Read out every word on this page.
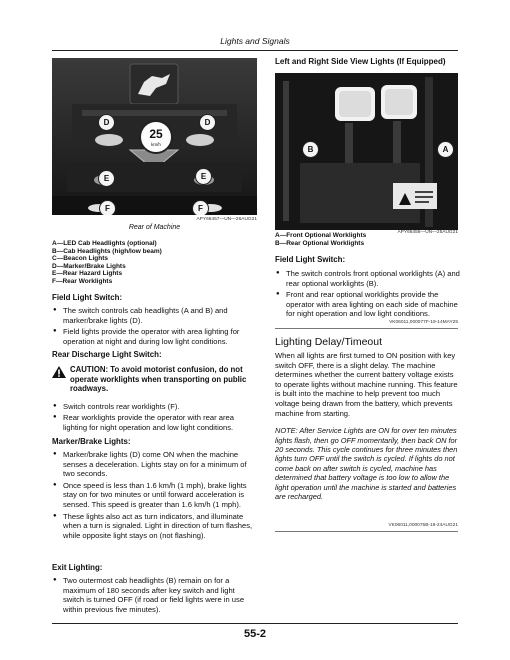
Lights and Signals
25
km/h
D	D
E	E
F	F
APY66457—UN—26AUG21
Rear of Machine
A—LED Cab Headlights (optional)
B—Cab Headlights (high/low beam)
C—Beacon Lights
D—Marker/Brake Lights
E—Rear Hazard Lights
F—Rear Worklights
Field Light Switch:
● The switch controls cab headlights (A and B) and marker/brake lights (D).
● Field lights provide the operator with area lighting for operation at night and during low light conditions.
Rear Discharge Light Switch:
CAUTION: To avoid motorist confusion, do not operate worklights when transporting on public roadways.
● Switch controls rear worklights (F).
● Rear worklights provide the operator with rear area lighting for night operation and low light conditions.
Marker/Brake Lights:
● Marker/brake lights (D) come ON when the machine senses a deceleration. Lights stay on for a minimum of two seconds.
● Once speed is less than 1.6 km/h (1 mph), brake lights stay on for two minutes or until forward acceleration is sensed. This speed is greater than 1.6 km/h (1 mph).
● These lights also act as turn indicators, and illuminate when a turn is signaled. Light in direction of turn flashes, while opposite light stays on (not flashing).
Exit Lighting:
● Two outermost cab headlights (B) remain on for a maximum of 180 seconds after key switch and light switch is turned OFF (if road or field lights were in use within previous five minutes).
Left and Right Side View Lights (If Equipped)
B	A
APY66456—UN—25AUG21
A—Front Optional Worklights
B—Rear Optional Worklights
Field Light Switch:
● The switch controls front optional worklights (A) and rear optional worklights (B).
● Front and rear optional worklights provide the operator with area lighting on each side of machine for night operation and low light conditions.
VK06011,000077F-19-14MAY25
Lighting Delay/Timeout
When all lights are first turned to ON position with key switch OFF, there is a slight delay. The machine determines whether the current battery voltage exists to operate lights without machine running. This feature is built into the machine to help prevent too much voltage being drawn from the battery, which prevents machine from starting.
NOTE: After Service Lights are ON for over ten minutes lights flash, then go OFF momentarily, then back ON for 20 seconds. This cycle continues for three minutes then lights turn OFF until the switch is cycled. If lights do not come back on after switch is cycled, machine has determined that battery voltage is too low to allow the light operation until the machine is started and batteries are recharged.
VK06011,000075B-19-24AUG21
55-2
